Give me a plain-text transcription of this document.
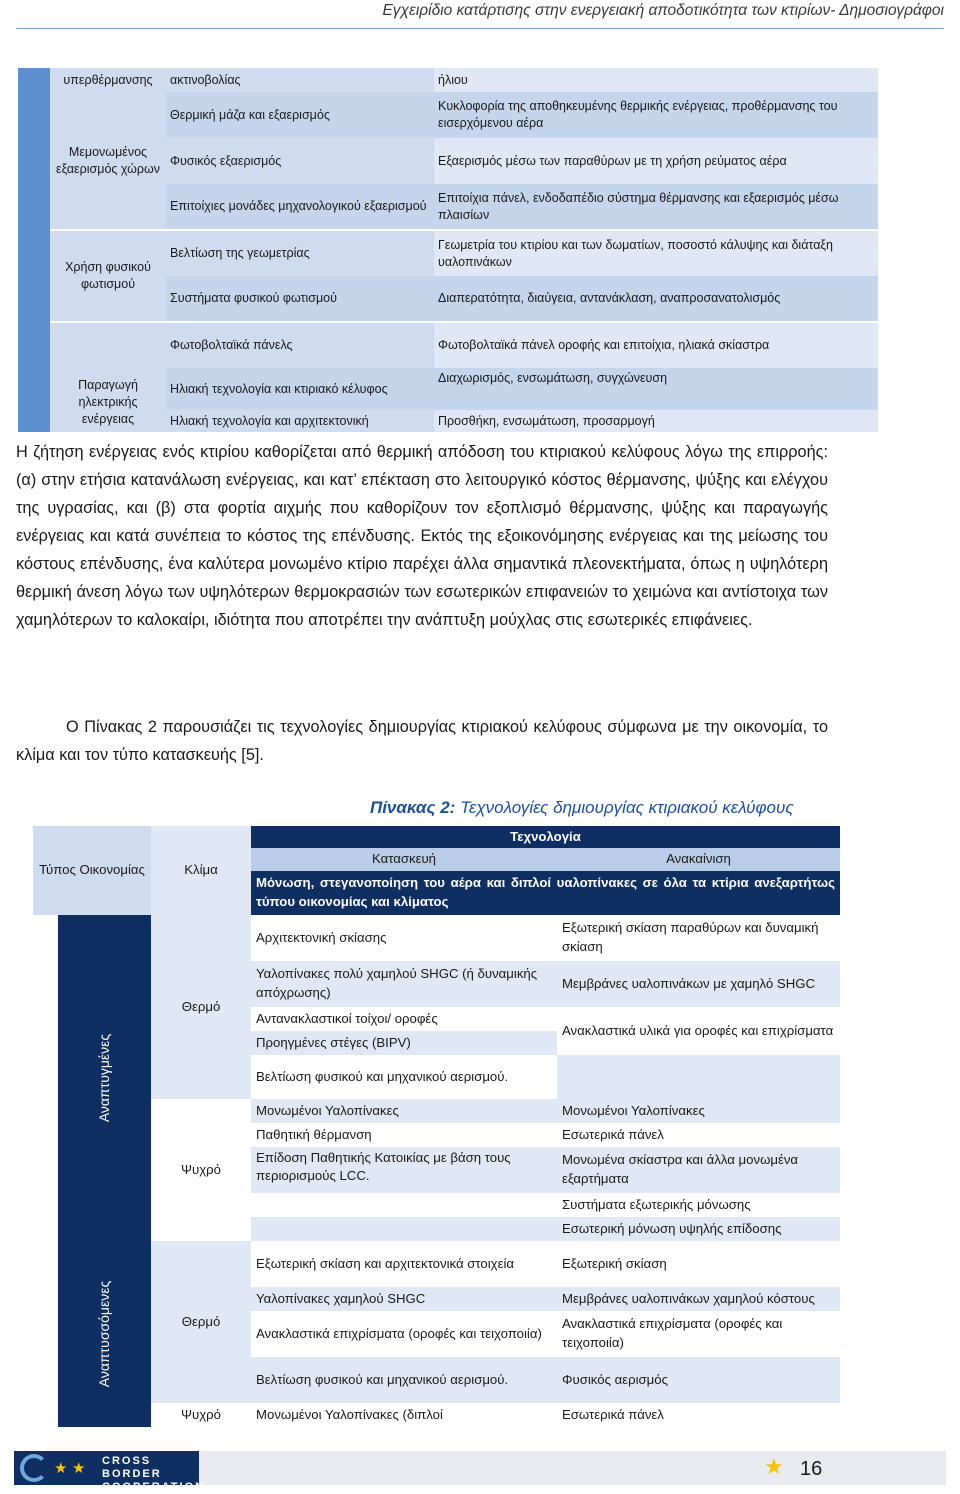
Εγχειρίδιο κατάρτισης στην ενεργειακή αποδοτικότητα των κτιρίων- Δημοσιογράφοι
	υπερθέρμανσης	ακτινοβολίας	ήλιου
	Μεμονωμένος εξαερισμός χώρων	Θερμική μάζα και εξαερισμός	Κυκλοφορία της αποθηκευμένης θερμικής ενέργειας, προθέρμανσης του εισερχόμενου αέρα
		Φυσικός εξαερισμός	Εξαερισμός μέσω των παραθύρων με τη χρήση ρεύματος αέρα
		Επιτοίχιες μονάδες μηχανολογικού εξαερισμού	Επιτοίχια πάνελ, ενδοδαπέδιο σύστημα θέρμανσης και εξαερισμός μέσω πλαισίων
	Χρήση φυσικού φωτισμού	Βελτίωση της γεωμετρίας	Γεωμετρία του κτιρίου και των δωματίων, ποσοστό κάλυψης και διάταξη υαλοπινάκων
		Συστήματα φυσικού φωτισμού	Διαπερατότητα, διαύγεια, αντανάκλαση, αναπροσανατολισμός
	Παραγωγή ηλεκτρικής ενέργειας	Φωτοβολταϊκά πάνελς	Φωτοβολταϊκά πάνελ οροφής και επιτοίχια, ηλιακά σκίαστρα
		Ηλιακή τεχνολογία και κτιριακό κέλυφος	Διαχωρισμός, ενσωμάτωση, συγχώνευση
		Ηλιακή τεχνολογία και αρχιτεκτονική	Προσθήκη, ενσωμάτωση, προσαρμογή

Η ζήτηση ενέργειας ενός κτιρίου καθορίζεται από θερμική απόδοση του κτιριακού κελύφους λόγω της επιρροής: (α) στην ετήσια κατανάλωση ενέργειας, και κατ’ επέκταση στο λειτουργικό κόστος θέρμανσης, ψύξης και ελέγχου της υγρασίας, και (β) στα φορτία αιχμής που καθορίζουν τον εξοπλισμό θέρμανσης, ψύξης και παραγωγής ενέργειας και κατά συνέπεια το κόστος της επένδυσης. Εκτός της εξοικονόμησης ενέργειας και της μείωσης του κόστους επένδυσης, ένα καλύτερα μονωμένο κτίριο παρέχει άλλα σημαντικά πλεονεκτήματα, όπως η υψηλότερη θερμική άνεση λόγω των υψηλότερων θερμοκρασιών των εσωτερικών επιφανειών το χειμώνα και αντίστοιχα των χαμηλότερων το καλοκαίρι, ιδιότητα που αποτρέπει την ανάπτυξη μούχλας στις εσωτερικές επιφάνειες.

Ο Πίνακας 2 παρουσιάζει τις τεχνολογίες δημιουργίας κτιριακού κελύφους σύμφωνα με την οικονομία, το κλίμα και τον τύπο κατασκευής [5].

Πίνακας 2: Τεχνολογίες δημιουργίας κτιριακού κελύφους
Τύπος Οικονομίας	Κλίμα	Τεχνολογία	
		Κατασκευή	Ανακαίνιση
		Μόνωση, στεγανοποίηση του αέρα και διπλοί υαλοπίνακες σε όλα τα κτίρια ανεξαρτήτως τύπου οικονομίας και κλίματος	

Αναπτυγμένες	Θερμό	Αρχιτεκτονική σκίασης	Εξωτερική σκίαση παραθύρων και δυναμική σκίαση
		Υαλοπίνακες πολύ χαμηλού SHGC (ή δυναμικής απόχρωσης)	Μεμβράνες υαλοπινάκων με χαμηλό SHGC
		Αντανακλαστικοί τοίχοι/ οροφές	Ανακλαστικά υλικά για οροφές και επιχρίσματα
		Προηγμένες στέγες (BIPV)	
		Βελτίωση φυσικού και μηχανικού αερισμού.	
	Ψυχρό	Μονωμένοι Υαλοπίνακες	Μονωμένοι Υαλοπίνακες
		Παθητική θέρμανση	Εσωτερικά πάνελ
		Επίδοση Παθητικής Κατοικίας με βάση τους περιορισμούς LCC.	Μονωμένα σκίαστρα και άλλα μονωμένα εξαρτήματα
			Συστήματα εξωτερικής μόνωσης
			Εσωτερική μόνωση υψηλής επίδοσης

Αναπτυσσόμενες	Θερμό	Εξωτερική σκίαση και αρχιτεκτονικά στοιχεία	Εξωτερική σκίαση
		Υαλοπίνακες χαμηλού SHGC	Μεμβράνες υαλοπινάκων χαμηλού κόστους
		Ανακλαστικά επιχρίσματα (οροφές και τειχοποιία)	Ανακλαστικά επιχρίσματα (οροφές και τειχοποιία)
		Βελτίωση φυσικού και μηχανικού αερισμού.	Φυσικός αερισμός
	Ψυχρό	Μονωμένοι Υαλοπίνακες (διπλοί	Εσωτερικά πάνελ
★ ★ CROSS BORDER
COOPERATION
★ 16
